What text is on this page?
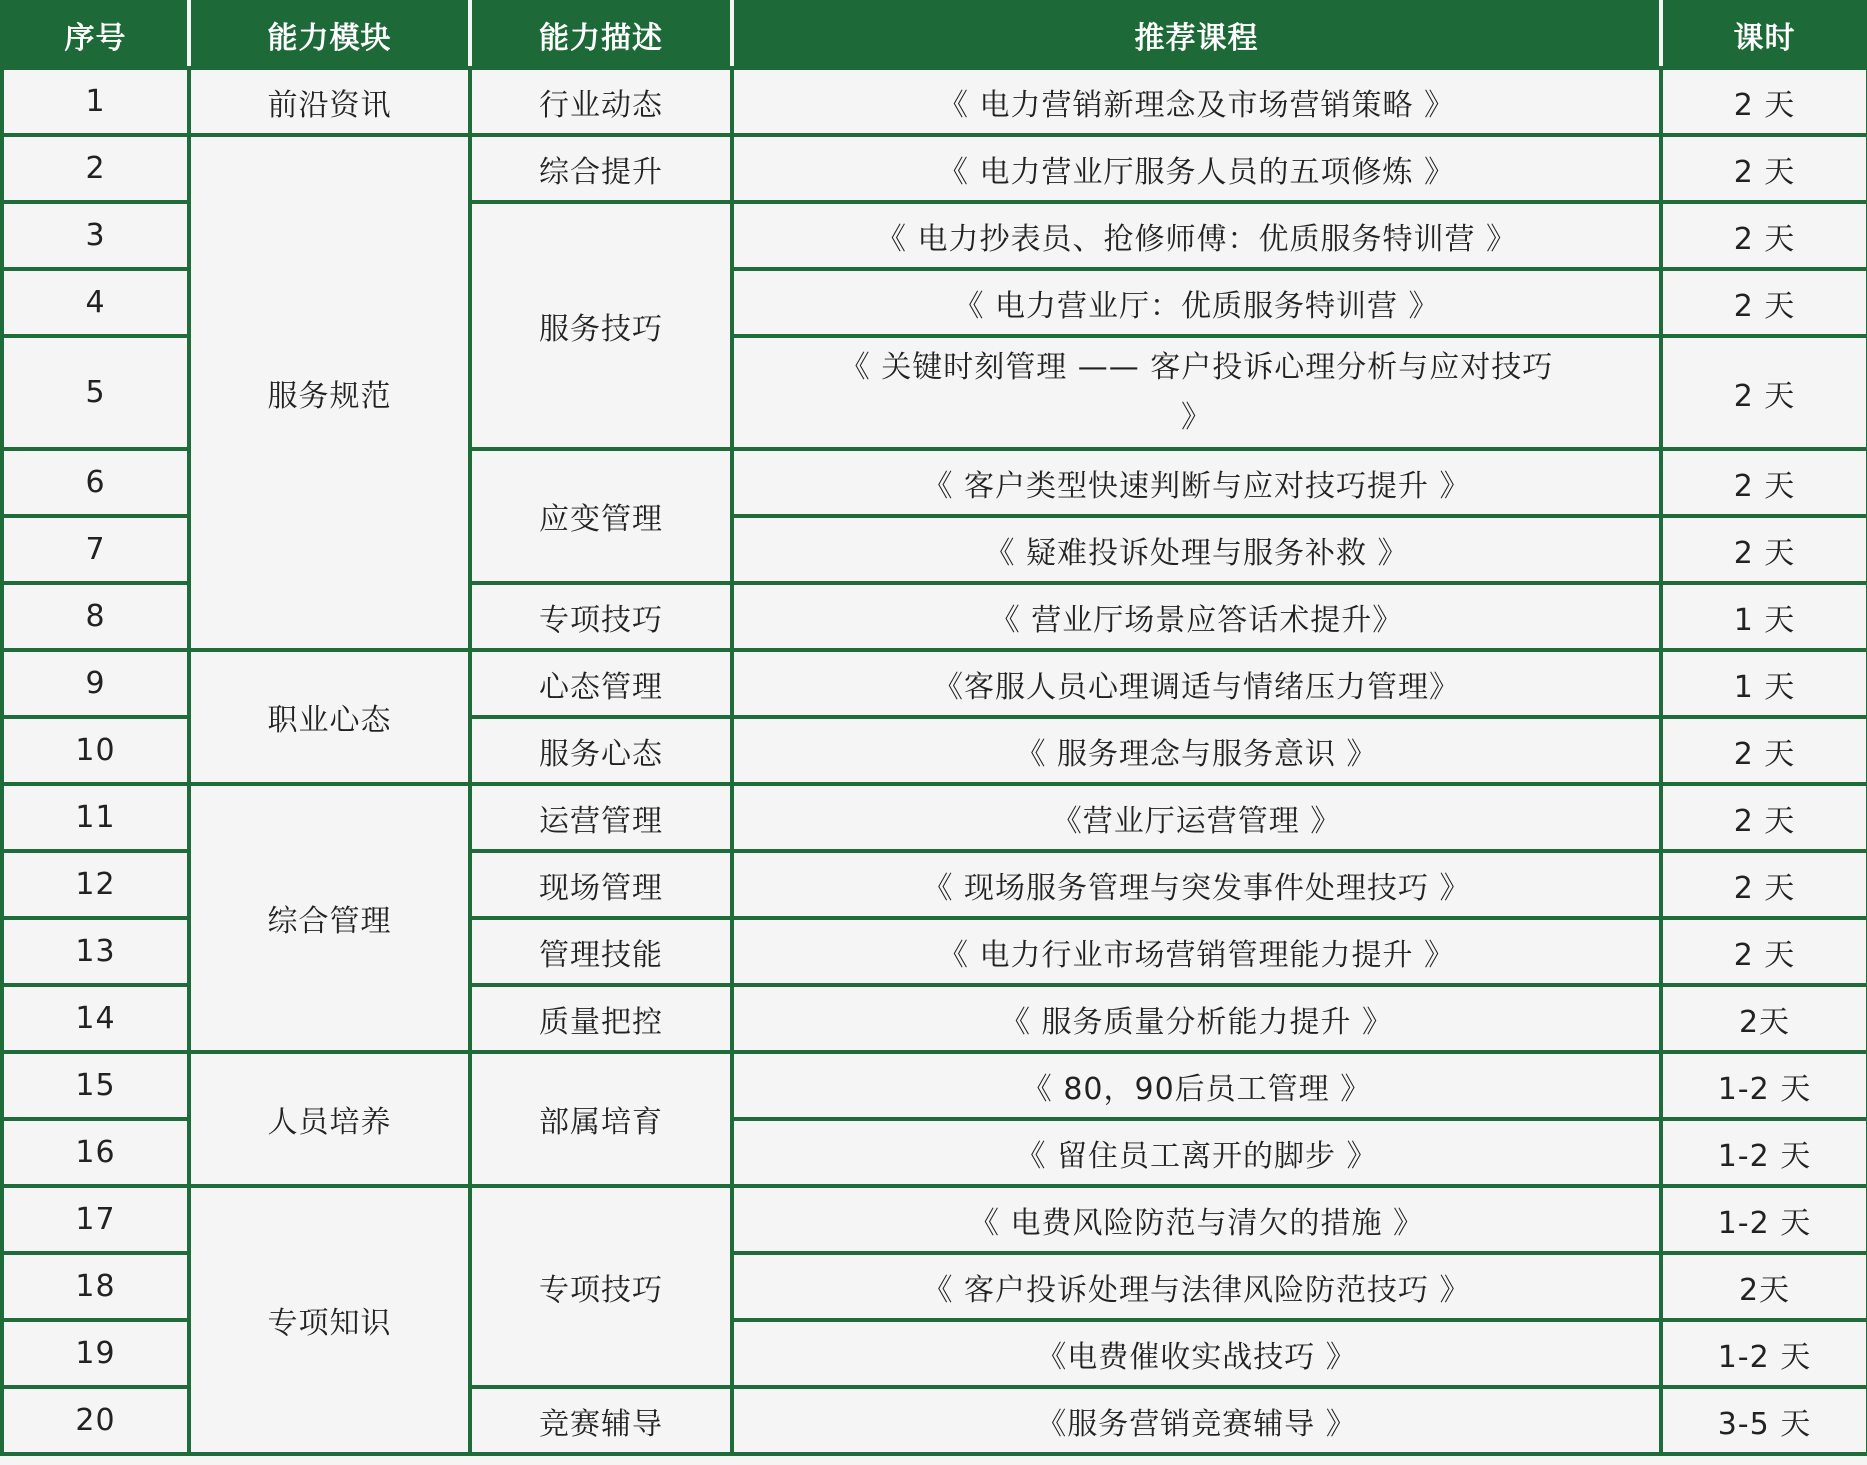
序号	能力模块	能力描述	推荐课程	课时
1	前沿资讯	行业动态	《 电力营销新理念及市场营销策略 》	2 天
2	服务规范	综合提升	《 电力营业厅服务人员的五项修炼 》	2 天
3		服务技巧	《 电力抄表员、抢修师傅：优质服务特训营 》	2 天
4			《 电力营业厅：优质服务特训营 》	2 天
5			《 关键时刻管理 —— 客户投诉心理分析与应对技巧 》	2 天
6		应变管理	《 客户类型快速判断与应对技巧提升 》	2 天
7			《 疑难投诉处理与服务补救 》	2 天
8		专项技巧	《 营业厅场景应答话术提升》	1 天
9	职业心态	心态管理	《客服人员心理调适与情绪压力管理》	1 天
10		服务心态	《 服务理念与服务意识 》	2 天
11	综合管理	运营管理	《营业厅运营管理 》	2 天
12		现场管理	《 现场服务管理与突发事件处理技巧 》	2 天
13		管理技能	《 电力行业市场营销管理能力提升 》	2 天
14		质量把控	《 服务质量分析能力提升 》	2天
15	人员培养	部属培育	《 80，90后员工管理 》	1-2 天
16			《 留住员工离开的脚步 》	1-2 天
17	专项知识	专项技巧	《 电费风险防范与清欠的措施 》	1-2 天
18			《 客户投诉处理与法律风险防范技巧 》	2天
19			《电费催收实战技巧 》	1-2 天
20		竞赛辅导	《服务营销竞赛辅导 》	3-5 天
